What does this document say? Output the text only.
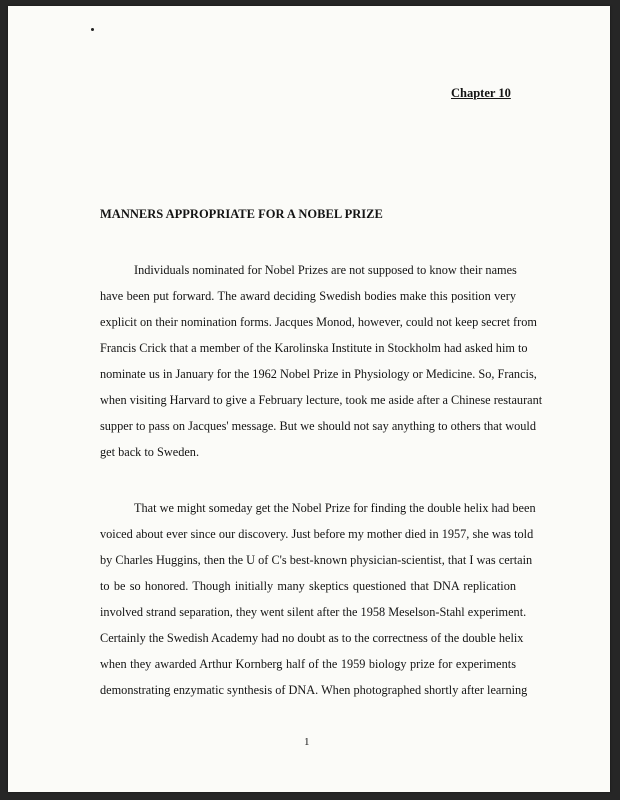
Chapter 10
MANNERS APPROPRIATE FOR A NOBEL PRIZE
Individuals nominated for Nobel Prizes are not supposed to know their names
have been put forward. The award deciding Swedish bodies make this position very
explicit on their nomination forms. Jacques Monod, however, could not keep secret from
Francis Crick that a member of the Karolinska Institute in Stockholm had asked him to
nominate us in January for the 1962 Nobel Prize in Physiology or Medicine. So, Francis,
when visiting Harvard to give a February lecture, took me aside after a Chinese restaurant
supper to pass on Jacques' message. But we should not say anything to others that would
get back to Sweden.
That we might someday get the Nobel Prize for finding the double helix had been
voiced about ever since our discovery. Just before my mother died in 1957, she was told
by Charles Huggins, then the U of C's best-known physician-scientist, that I was certain
to be so honored. Though initially many skeptics questioned that DNA replication
involved strand separation, they went silent after the 1958 Meselson-Stahl experiment.
Certainly the Swedish Academy had no doubt as to the correctness of the double helix
when they awarded Arthur Kornberg half of the 1959 biology prize for experiments
demonstrating enzymatic synthesis of DNA. When photographed shortly after learning
1
